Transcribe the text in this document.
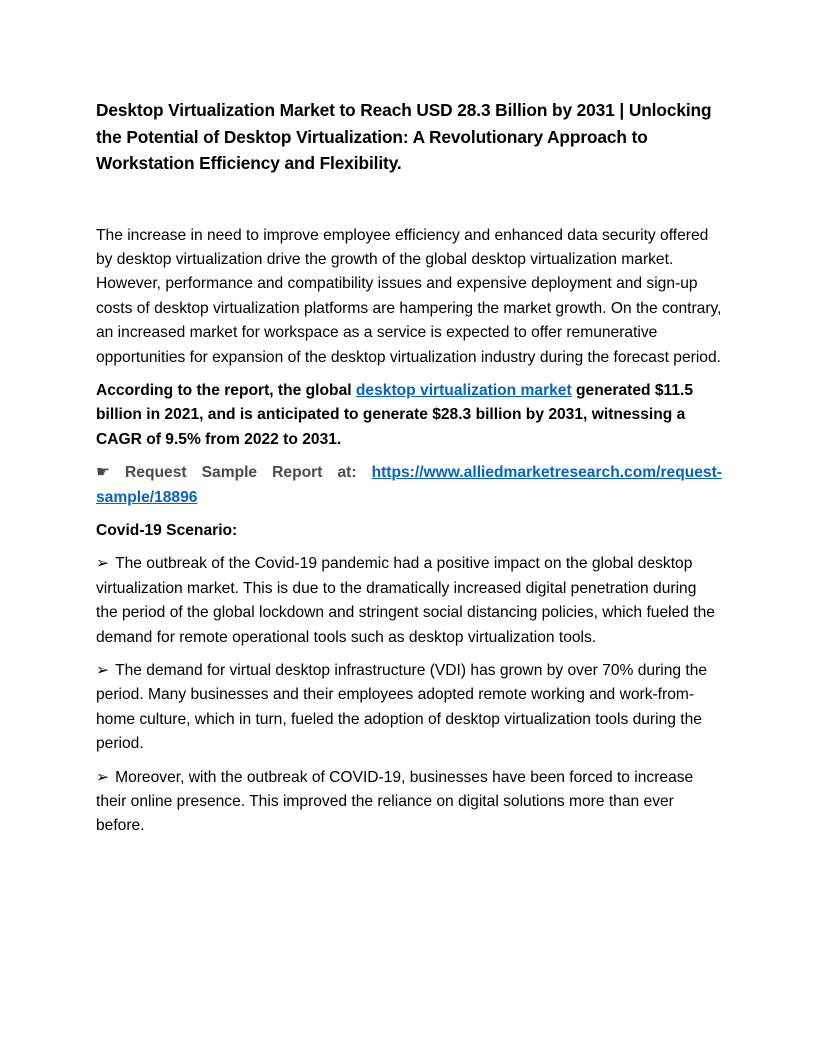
Desktop Virtualization Market to Reach USD 28.3 Billion by 2031 | Unlocking the Potential of Desktop Virtualization: A Revolutionary Approach to Workstation Efficiency and Flexibility.

The increase in need to improve employee efficiency and enhanced data security offered by desktop virtualization drive the growth of the global desktop virtualization market. However, performance and compatibility issues and expensive deployment and sign-up costs of desktop virtualization platforms are hampering the market growth. On the contrary, an increased market for workspace as a service is expected to offer remunerative opportunities for expansion of the desktop virtualization industry during the forecast period.

According to the report, the global desktop virtualization market generated $11.5 billion in 2021, and is anticipated to generate $28.3 billion by 2031, witnessing a CAGR of 9.5% from 2022 to 2031.

☛ Request Sample Report at: https://www.alliedmarketresearch.com/request-sample/18896

Covid-19 Scenario:

➢ The outbreak of the Covid-19 pandemic had a positive impact on the global desktop virtualization market. This is due to the dramatically increased digital penetration during the period of the global lockdown and stringent social distancing policies, which fueled the demand for remote operational tools such as desktop virtualization tools.

➢ The demand for virtual desktop infrastructure (VDI) has grown by over 70% during the period. Many businesses and their employees adopted remote working and work-from-home culture, which in turn, fueled the adoption of desktop virtualization tools during the period.

➢ Moreover, with the outbreak of COVID-19, businesses have been forced to increase their online presence. This improved the reliance on digital solutions more than ever before.
